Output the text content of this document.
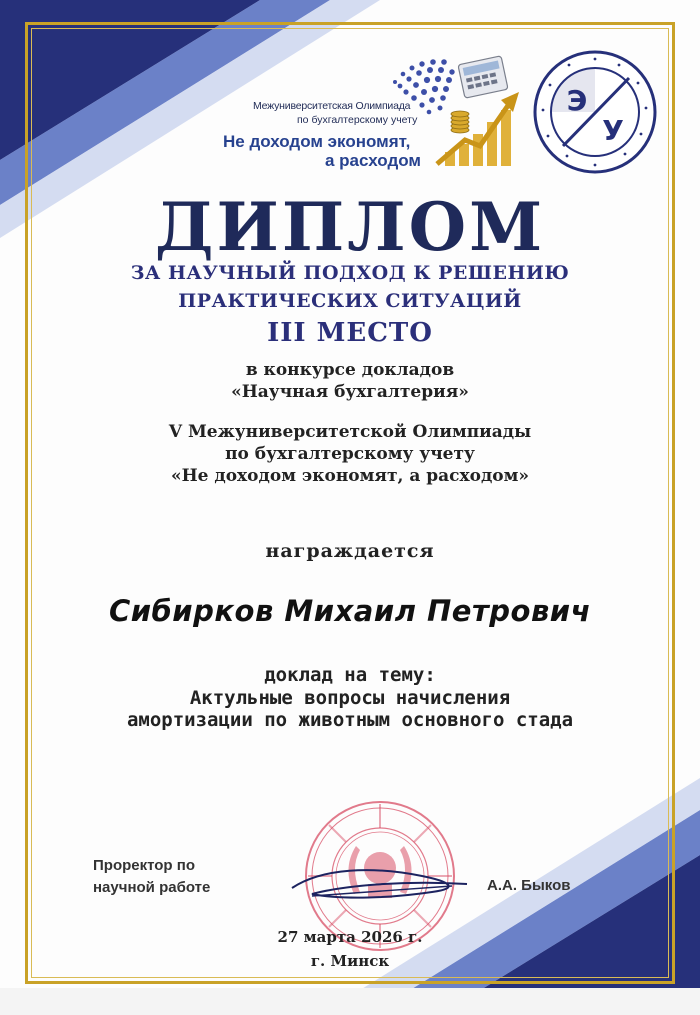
Межуниверситетская Олимпиада
по бухгалтерскому учету
Не доходом экономят,
а расходом
Э
У
ДИПЛОМ
ЗА НАУЧНЫЙ ПОДХОД К РЕШЕНИЮ
ПРАКТИЧЕСКИХ СИТУАЦИЙ
III МЕСТО
в конкурсе докладов
«Научная бухгалтерия»
V Межуниверситетской Олимпиады
по бухгалтерскому учету
«Не доходом экономят, а расходом»
награждается
Сибирков Михаил Петрович
доклад на тему:
Актульные вопросы начисления
амортизации по животным основного стада
Проректор по
научной работе	А.А. Быков
27 марта 2026 г.
г. Минск
